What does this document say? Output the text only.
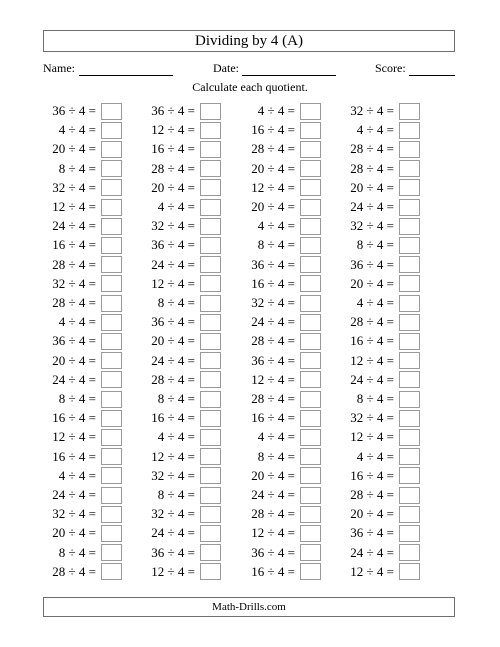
Dividing by 4 (A)
Name:	Date:	Score:
Calculate each quotient.
36 ÷ 4 =
4 ÷ 4 =
20 ÷ 4 =
8 ÷ 4 =
32 ÷ 4 =
12 ÷ 4 =
24 ÷ 4 =
16 ÷ 4 =
28 ÷ 4 =
32 ÷ 4 =
28 ÷ 4 =
4 ÷ 4 =
36 ÷ 4 =
20 ÷ 4 =
24 ÷ 4 =
8 ÷ 4 =
16 ÷ 4 =
12 ÷ 4 =
16 ÷ 4 =
4 ÷ 4 =
24 ÷ 4 =
32 ÷ 4 =
20 ÷ 4 =
8 ÷ 4 =
28 ÷ 4 =
36 ÷ 4 =
12 ÷ 4 =
16 ÷ 4 =
28 ÷ 4 =
20 ÷ 4 =
4 ÷ 4 =
32 ÷ 4 =
36 ÷ 4 =
24 ÷ 4 =
12 ÷ 4 =
8 ÷ 4 =
36 ÷ 4 =
20 ÷ 4 =
24 ÷ 4 =
28 ÷ 4 =
8 ÷ 4 =
16 ÷ 4 =
4 ÷ 4 =
12 ÷ 4 =
32 ÷ 4 =
8 ÷ 4 =
32 ÷ 4 =
24 ÷ 4 =
36 ÷ 4 =
12 ÷ 4 =
4 ÷ 4 =
16 ÷ 4 =
28 ÷ 4 =
20 ÷ 4 =
12 ÷ 4 =
20 ÷ 4 =
4 ÷ 4 =
8 ÷ 4 =
36 ÷ 4 =
16 ÷ 4 =
32 ÷ 4 =
24 ÷ 4 =
28 ÷ 4 =
36 ÷ 4 =
12 ÷ 4 =
28 ÷ 4 =
16 ÷ 4 =
4 ÷ 4 =
8 ÷ 4 =
20 ÷ 4 =
24 ÷ 4 =
28 ÷ 4 =
12 ÷ 4 =
36 ÷ 4 =
16 ÷ 4 =
32 ÷ 4 =
4 ÷ 4 =
28 ÷ 4 =
28 ÷ 4 =
20 ÷ 4 =
24 ÷ 4 =
32 ÷ 4 =
8 ÷ 4 =
36 ÷ 4 =
20 ÷ 4 =
4 ÷ 4 =
28 ÷ 4 =
16 ÷ 4 =
12 ÷ 4 =
24 ÷ 4 =
8 ÷ 4 =
32 ÷ 4 =
12 ÷ 4 =
4 ÷ 4 =
16 ÷ 4 =
28 ÷ 4 =
20 ÷ 4 =
36 ÷ 4 =
24 ÷ 4 =
12 ÷ 4 =
Math-Drills.com
